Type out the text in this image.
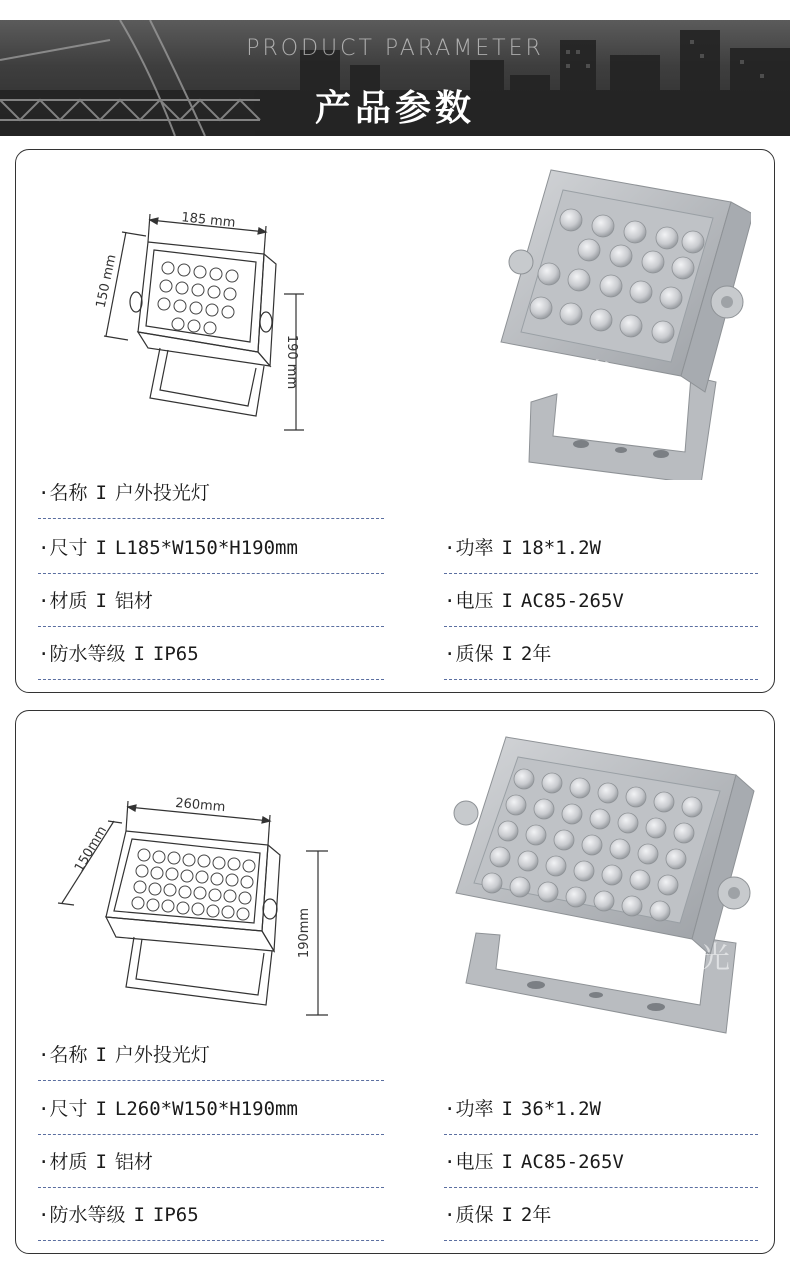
PRODUCT PARAMETER
产品参数
185 mm
150 mm
190 mm	璨华之光
·名称 I 户外投光灯
·尺寸 I L185*W150*H190mm
·材质 I 铝材
·防水等级 I IP65
·功率 I 18*1.2W
·电压 I AC85-265V
·质保 I 2年
260mm
150mm
190mm
璨华之光
·名称 I 户外投光灯
·尺寸 I L260*W150*H190mm
·材质 I 铝材
·防水等级 I IP65
·功率 I 36*1.2W
·电压 I AC85-265V
·质保 I 2年
